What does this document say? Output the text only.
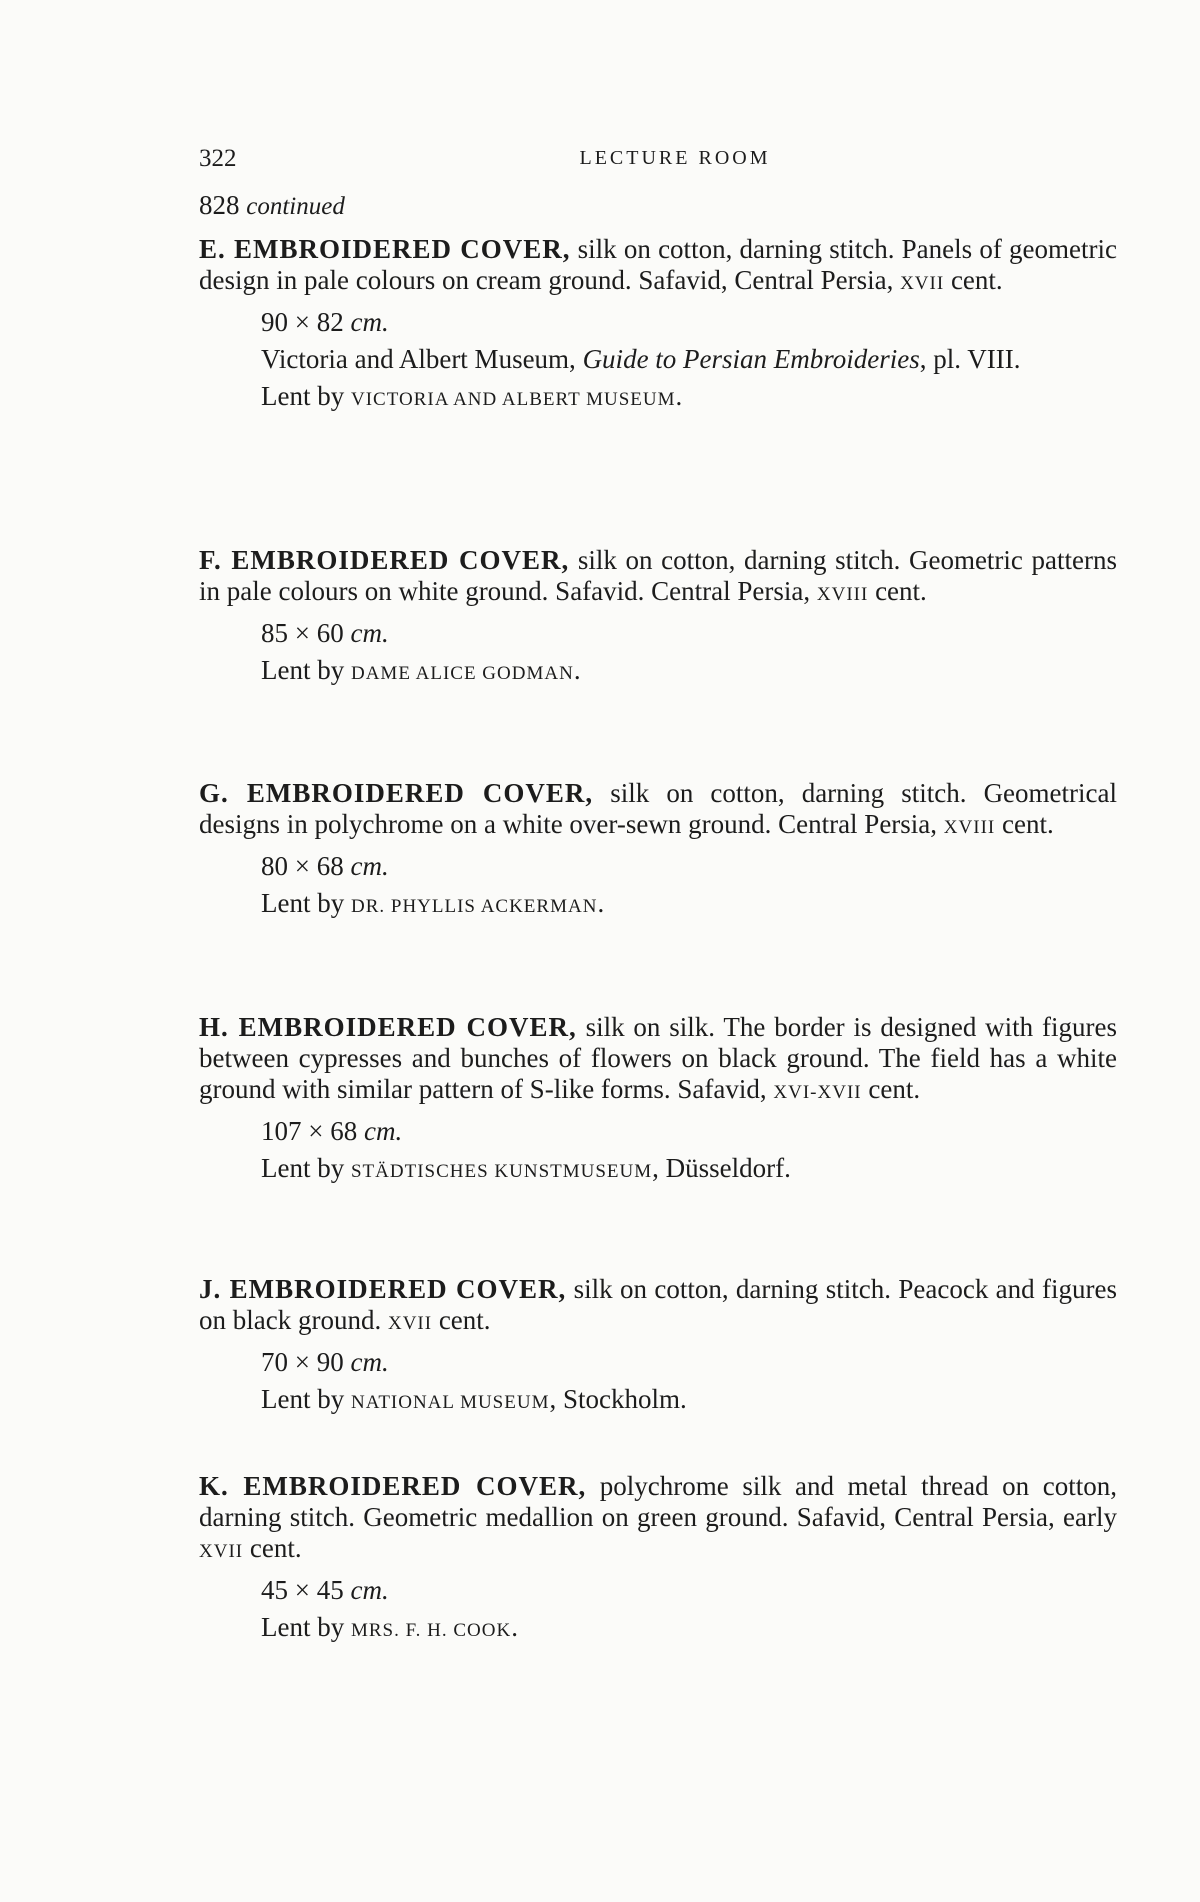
322	LECTURE ROOM
828 continued
E. EMBROIDERED COVER, silk on cotton, darning stitch. Panels of geometric design in pale colours on cream ground. Safavid, Central Persia, XVII cent.
90 × 82 cm.
Victoria and Albert Museum, Guide to Persian Embroideries, pl. VIII.
Lent by VICTORIA AND ALBERT MUSEUM.
F. EMBROIDERED COVER, silk on cotton, darning stitch. Geometric patterns in pale colours on white ground. Safavid. Central Persia, XVIII cent.
85 × 60 cm.
Lent by DAME ALICE GODMAN.
G. EMBROIDERED COVER, silk on cotton, darning stitch. Geometrical designs in polychrome on a white over-sewn ground. Central Persia, XVIII cent.
80 × 68 cm.
Lent by DR. PHYLLIS ACKERMAN.
H. EMBROIDERED COVER, silk on silk. The border is designed with figures between cypresses and bunches of flowers on black ground. The field has a white ground with similar pattern of S-like forms. Safavid, XVI-XVII cent.
107 × 68 cm.
Lent by STÄDTISCHES KUNSTMUSEUM, Düsseldorf.
J. EMBROIDERED COVER, silk on cotton, darning stitch. Peacock and figures on black ground. XVII cent.
70 × 90 cm.
Lent by NATIONAL MUSEUM, Stockholm.
K. EMBROIDERED COVER, polychrome silk and metal thread on cotton, darning stitch. Geometric medallion on green ground. Safavid, Central Persia, early XVII cent.
45 × 45 cm.
Lent by MRS. F. H. COOK.
